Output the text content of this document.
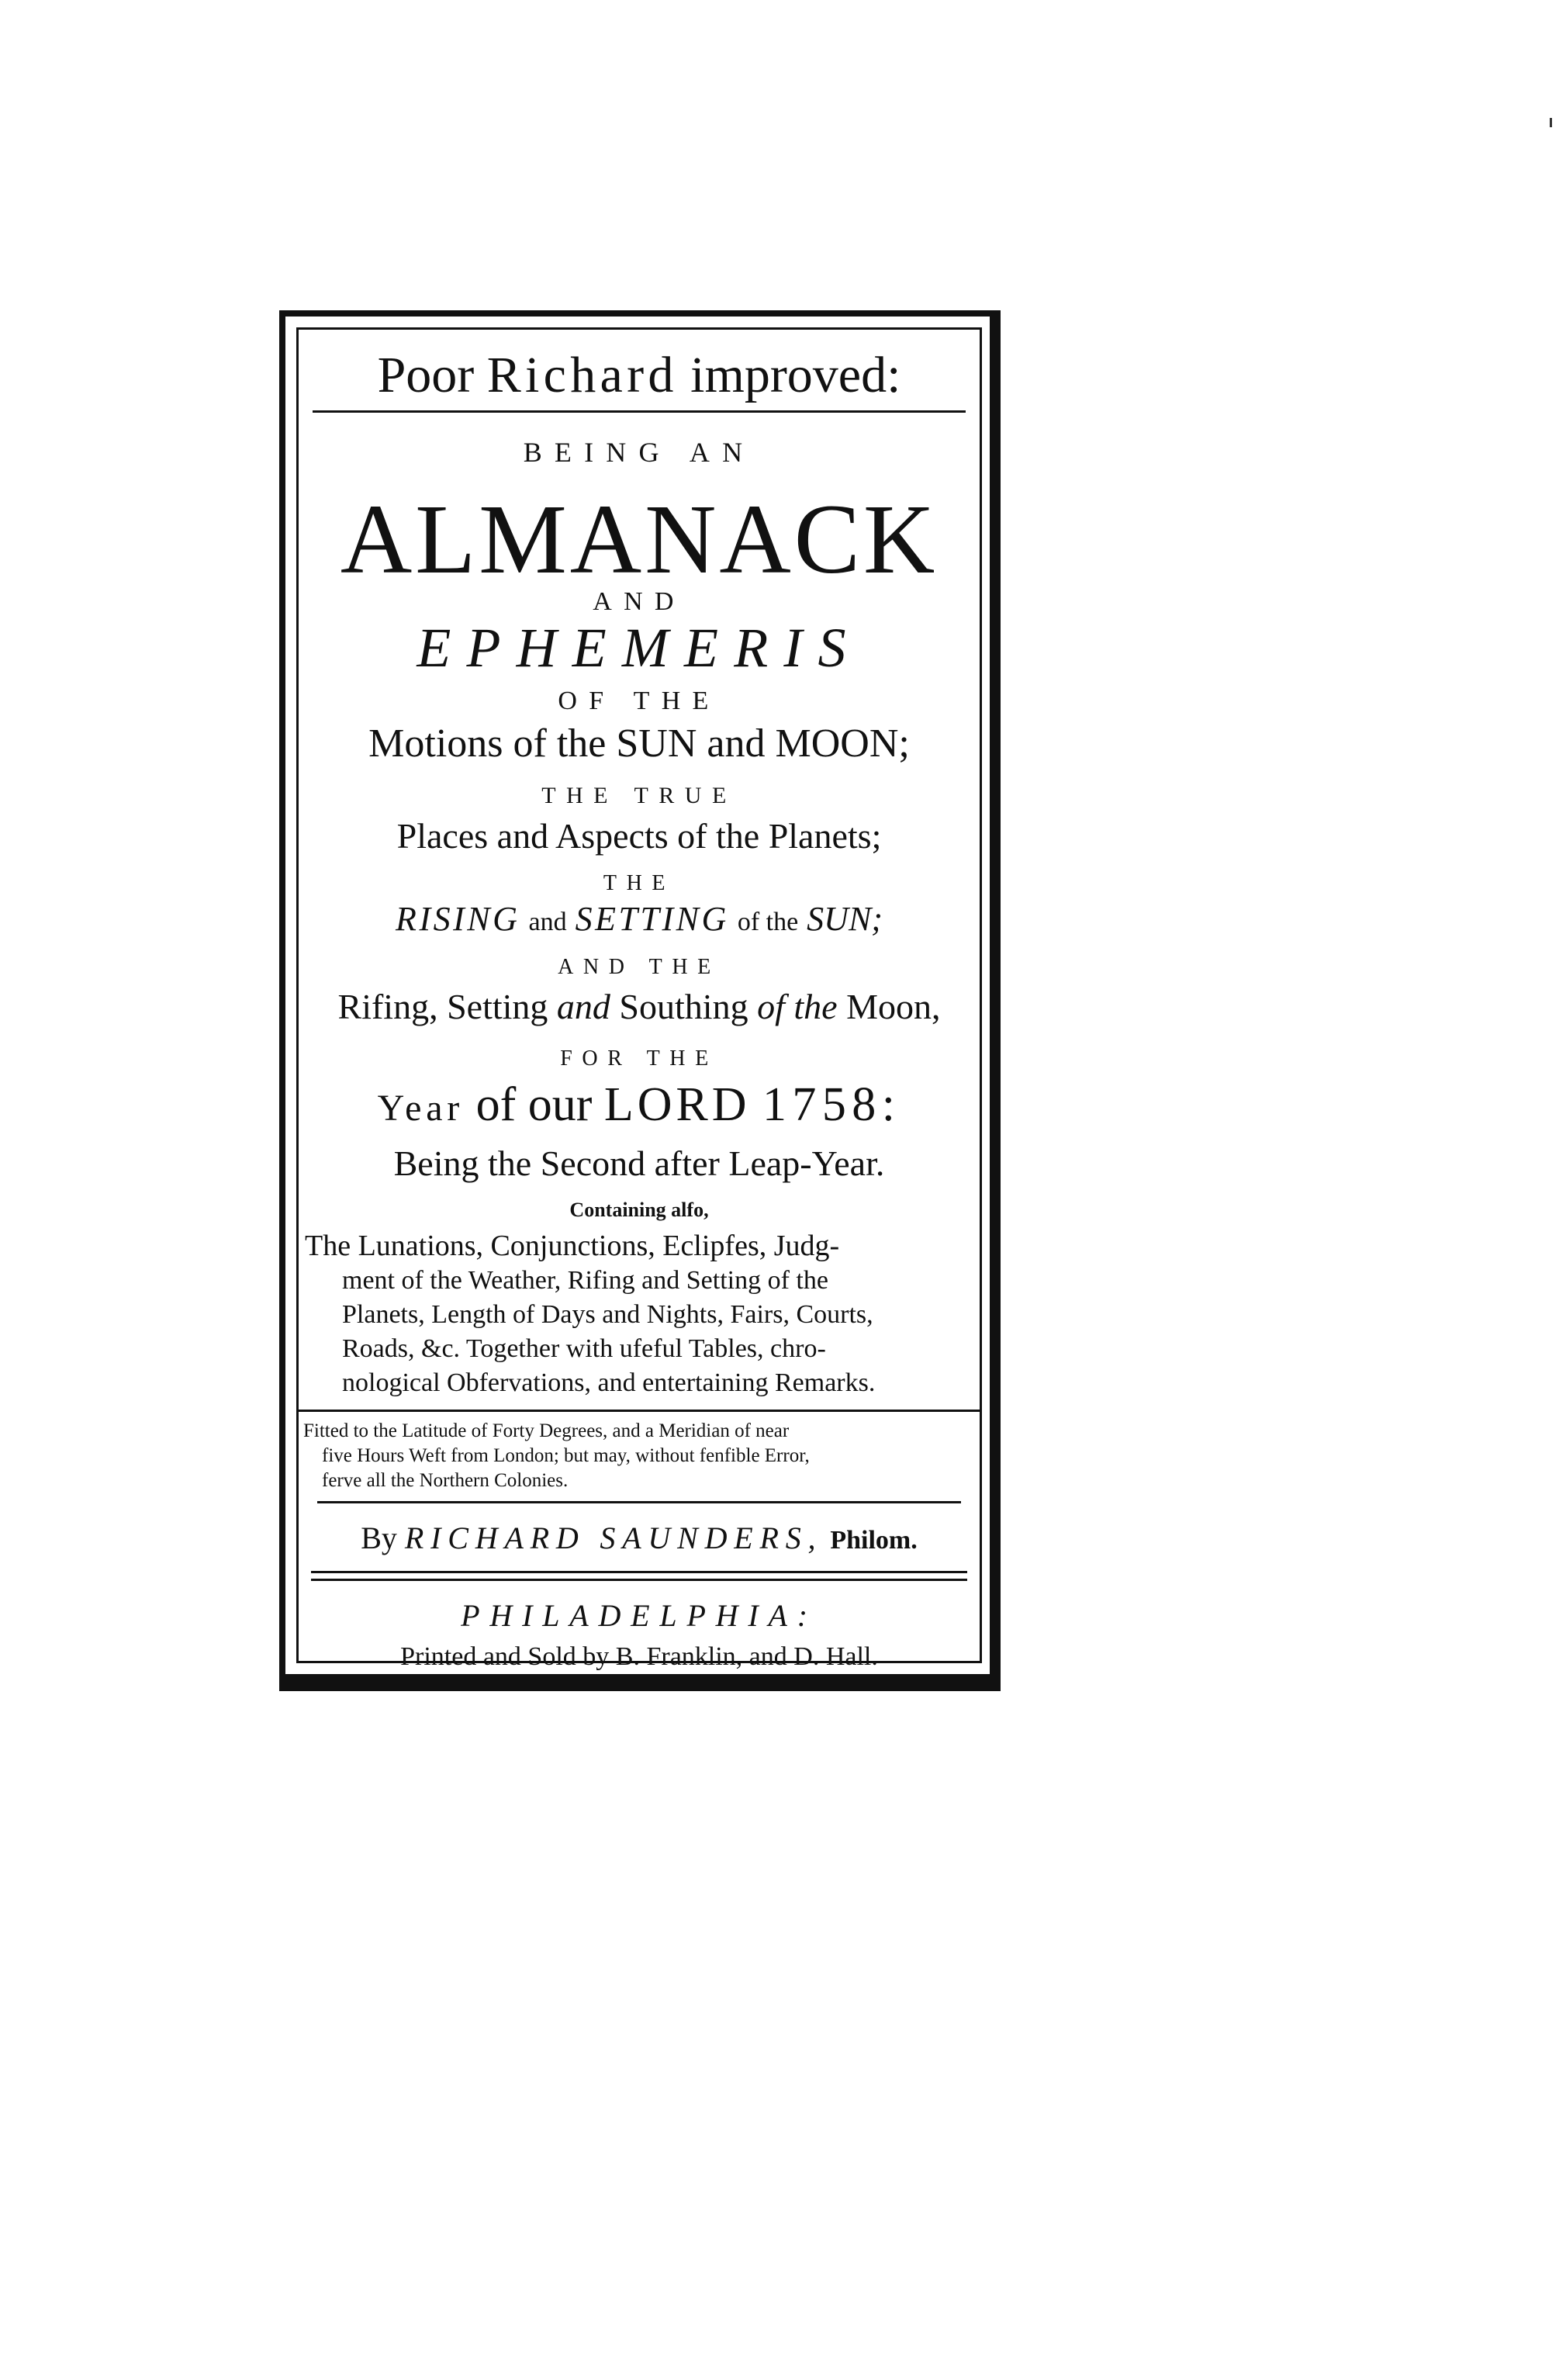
Poor Richard improved:
BEING AN
ALMANACK
AND
EPHEMERIS
OF THE
Motions of the SUN and MOON;
THE TRUE
Places and Aspects of the Planets;
THE
RISING and SETTING of the SUN;
AND THE
Rifing, Setting and Southing of the Moon,
FOR THE
Year of our LORD 1758:
Being the Second after Leap-Year.
Containing alfo,
The Lunations, Conjunctions, Eclipfes, Judg-
ment of the Weather, Rifing and Setting of the
Planets, Length of Days and Nights, Fairs, Courts,
Roads, &c. Together with ufeful Tables, chro-
nological Obfervations, and entertaining Remarks.
Fitted to the Latitude of Forty Degrees, and a Meridian of near
five Hours Weft from London; but may, without fenfible Error,
ferve all the Northern Colonies.
By RICHARD SAUNDERS, Philom.
PHILADELPHIA:
Printed and Sold by B. Franklin, and D. Hall.
